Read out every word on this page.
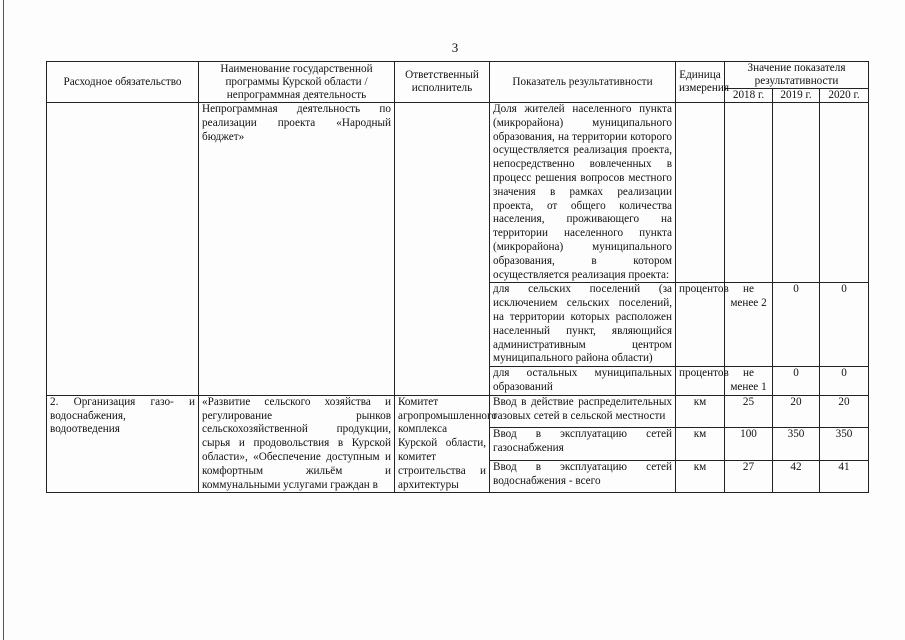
3
Расходное обязательство	Наименование государственной программы Курской области / непрограммная деятельность	Ответственный исполнитель	Показатель результативности	Единица измерения	Значение показателя результативности		
					2018 г.	2019 г.	2020 г.
	Непрограммная деятельность по реализации проекта «Народный бюджет»		Доля жителей населенного пункта (микрорайона) муниципального образования, на территории которого осуществляется реализация проекта, непосредственно вовлеченных в процесс решения вопросов местного значения в рамках реализации проекта, от общего количества населения, проживающего на территории населенного пункта (микрорайона) муниципального образования, в котором осуществляется реализация проекта:				
			для сельских поселений (за исключением сельских поселений, на территории которых расположен населенный пункт, являющийся административным центром муниципального района области)	процентов	не менее 2	0	0
			для остальных муниципальных образований	процентов	не менее 1	0	0
2. Организация газо- и водоснабжения, водоотведения	«Развитие сельского хозяйства и регулирование рынков сельскохозяйственной продукции, сырья и продовольствия в Курской области», «Обеспечение доступным и комфортным жильём и коммунальными услугами граждан в	Комитет агропромышленного комплекса Курской области, комитет строительства и архитектуры	Ввод в действие распределительных газовых сетей в сельской местности	км	25	20	20
			Ввод в эксплуатацию сетей газоснабжения	км	100	350	350
			Ввод в эксплуатацию сетей водоснабжения - всего	км	27	42	41
